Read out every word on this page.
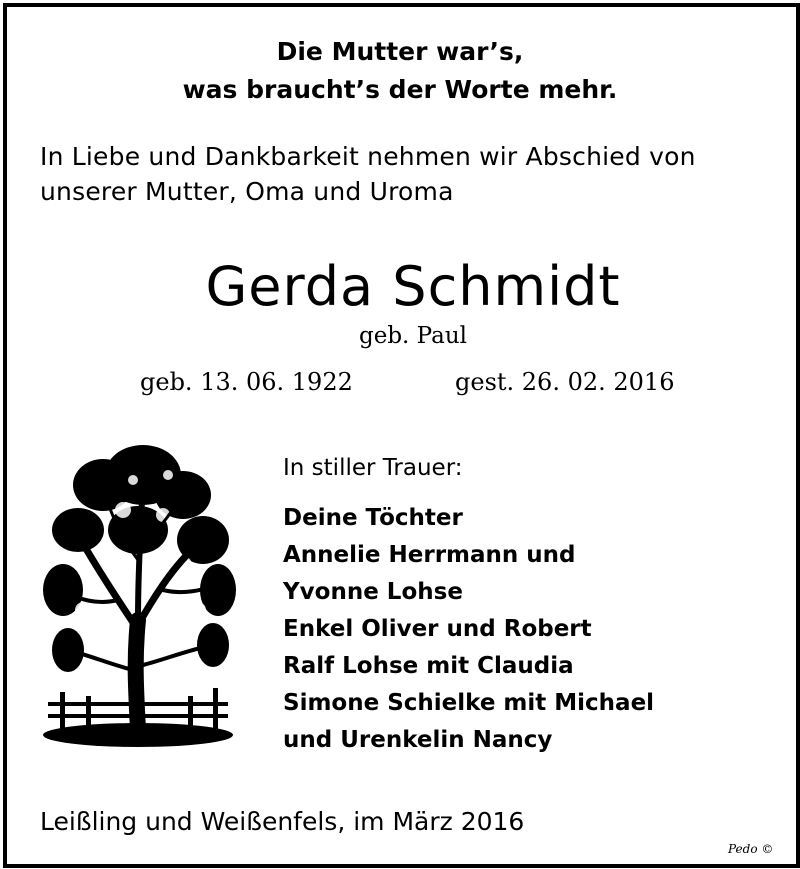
Die Mutter war’s,
was braucht’s der Worte mehr.
In Liebe und Dankbarkeit nehmen wir Abschied von
unserer Mutter, Oma und Uroma
Gerda Schmidt
geb. Paul
geb. 13. 06. 1922	gest. 26. 02. 2016
In stiller Trauer:
Deine Töchter
Annelie Herrmann und
Yvonne Lohse
Enkel Oliver und Robert
Ralf Lohse mit Claudia
Simone Schielke mit Michael
und Urenkelin Nancy
Leißling und Weißenfels, im März 2016
Pedo ©
